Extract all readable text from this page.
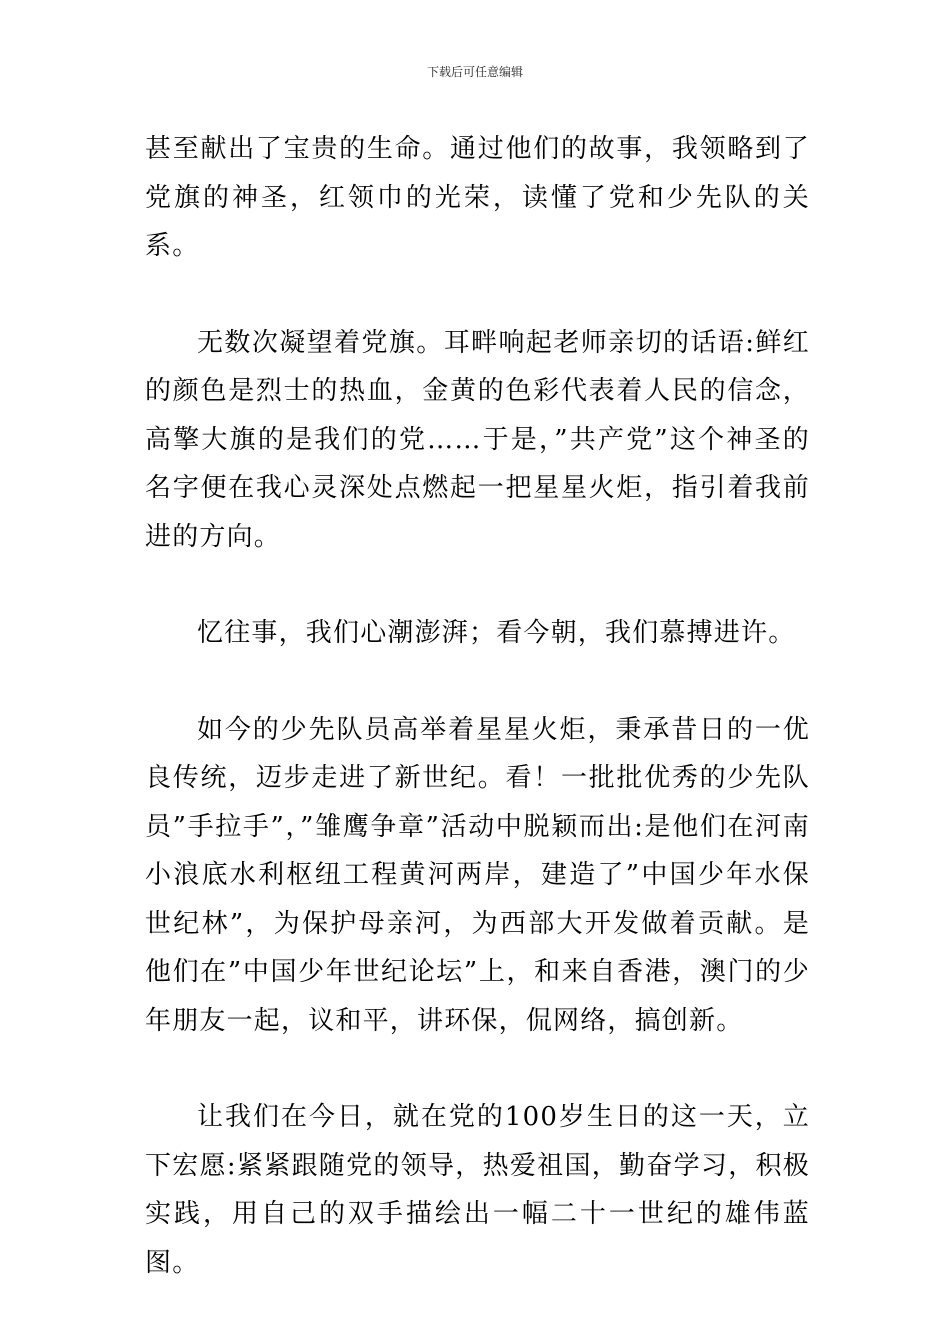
下载后可任意编辑

甚至献出了宝贵的生命。通过他们的故事，我领略到了党旗的神圣，红领巾的光荣，读懂了党和少先队的关系。

无数次凝望着党旗。耳畔响起老师亲切的话语:鲜红的颜色是烈士的热血，金黄的色彩代表着人民的信念，高擎大旗的是我们的党……于是，”共产党”这个神圣的名字便在我心灵深处点燃起一把星星火炬，指引着我前进的方向。

忆往事，我们心潮澎湃；看今朝，我们慕搏进许。

如今的少先队员高举着星星火炬，秉承昔日的一优良传统，迈步走进了新世纪。看！一批批优秀的少先队员”手拉手”，”雏鹰争章”活动中脱颖而出:是他们在河南小浪底水利枢纽工程黄河两岸，建造了”中国少年水保世纪林”，为保护母亲河，为西部大开发做着贡献。是他们在”中国少年世纪论坛”上，和来自香港，澳门的少年朋友一起，议和平，讲环保，侃网络，搞创新。

让我们在今日，就在党的100岁生日的这一天，立下宏愿:紧紧跟随党的领导，热爱祖国，勤奋学习，积极实践，用自己的双手描绘出一幅二十一世纪的雄伟蓝图。
